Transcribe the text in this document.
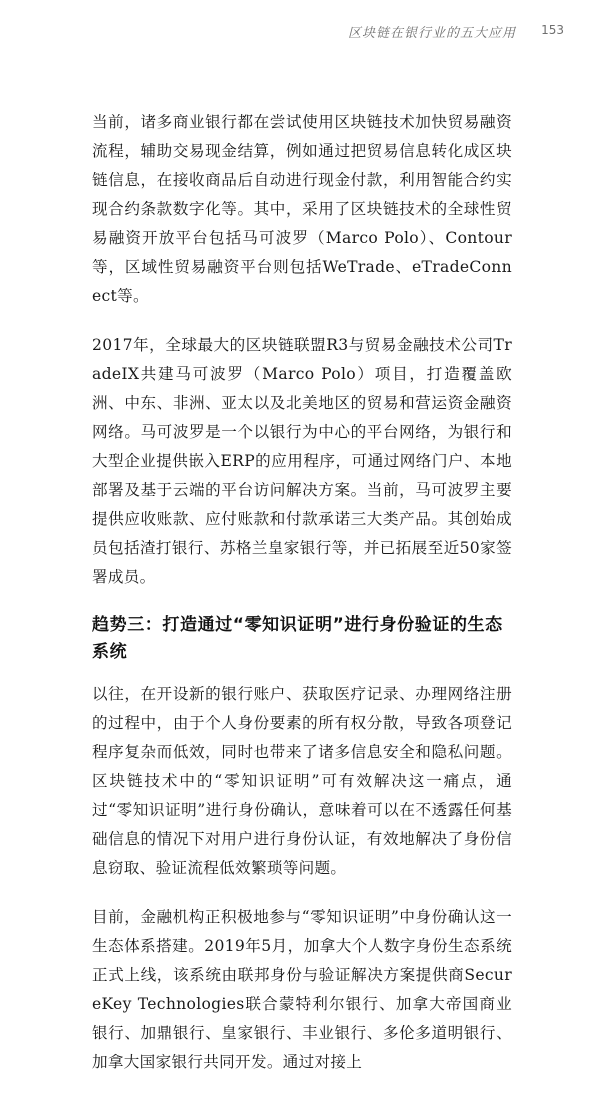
区块链在银行业的五大应用 153

当前，诸多商业银行都在尝试使用区块链技术加快贸易融资流程，辅助交易现金结算，例如通过把贸易信息转化成区块链信息，在接收商品后自动进行现金付款，利用智能合约实现合约条款数字化等。其中，采用了区块链技术的全球性贸易融资开放平台包括马可波罗（Marco Polo）、Contour等，区域性贸易融资平台则包括WeTrade、eTradeConnect等。

2017年，全球最大的区块链联盟R3与贸易金融技术公司TradeIX共建马可波罗（Marco Polo）项目，打造覆盖欧洲、中东、非洲、亚太以及北美地区的贸易和营运资金融资网络。马可波罗是一个以银行为中心的平台网络，为银行和大型企业提供嵌入ERP的应用程序，可通过网络门户、本地部署及基于云端的平台访问解决方案。当前，马可波罗主要提供应收账款、应付账款和付款承诺三大类产品。其创始成员包括渣打银行、苏格兰皇家银行等，并已拓展至近50家签署成员。

趋势三：打造通过“零知识证明”进行身份验证的生态系统

以往，在开设新的银行账户、获取医疗记录、办理网络注册的过程中，由于个人身份要素的所有权分散，导致各项登记程序复杂而低效，同时也带来了诸多信息安全和隐私问题。区块链技术中的“零知识证明”可有效解决这一痛点，通过“零知识证明”进行身份确认，意味着可以在不透露任何基础信息的情况下对用户进行身份认证，有效地解决了身份信息窃取、验证流程低效繁琐等问题。

目前，金融机构正积极地参与“零知识证明”中身份确认这一生态体系搭建。2019年5月，加拿大个人数字身份生态系统正式上线，该系统由联邦身份与验证解决方案提供商SecureKey Technologies联合蒙特利尔银行、加拿大帝国商业银行、加鼎银行、皇家银行、丰业银行、多伦多道明银行、加拿大国家银行共同开发。通过对接上
